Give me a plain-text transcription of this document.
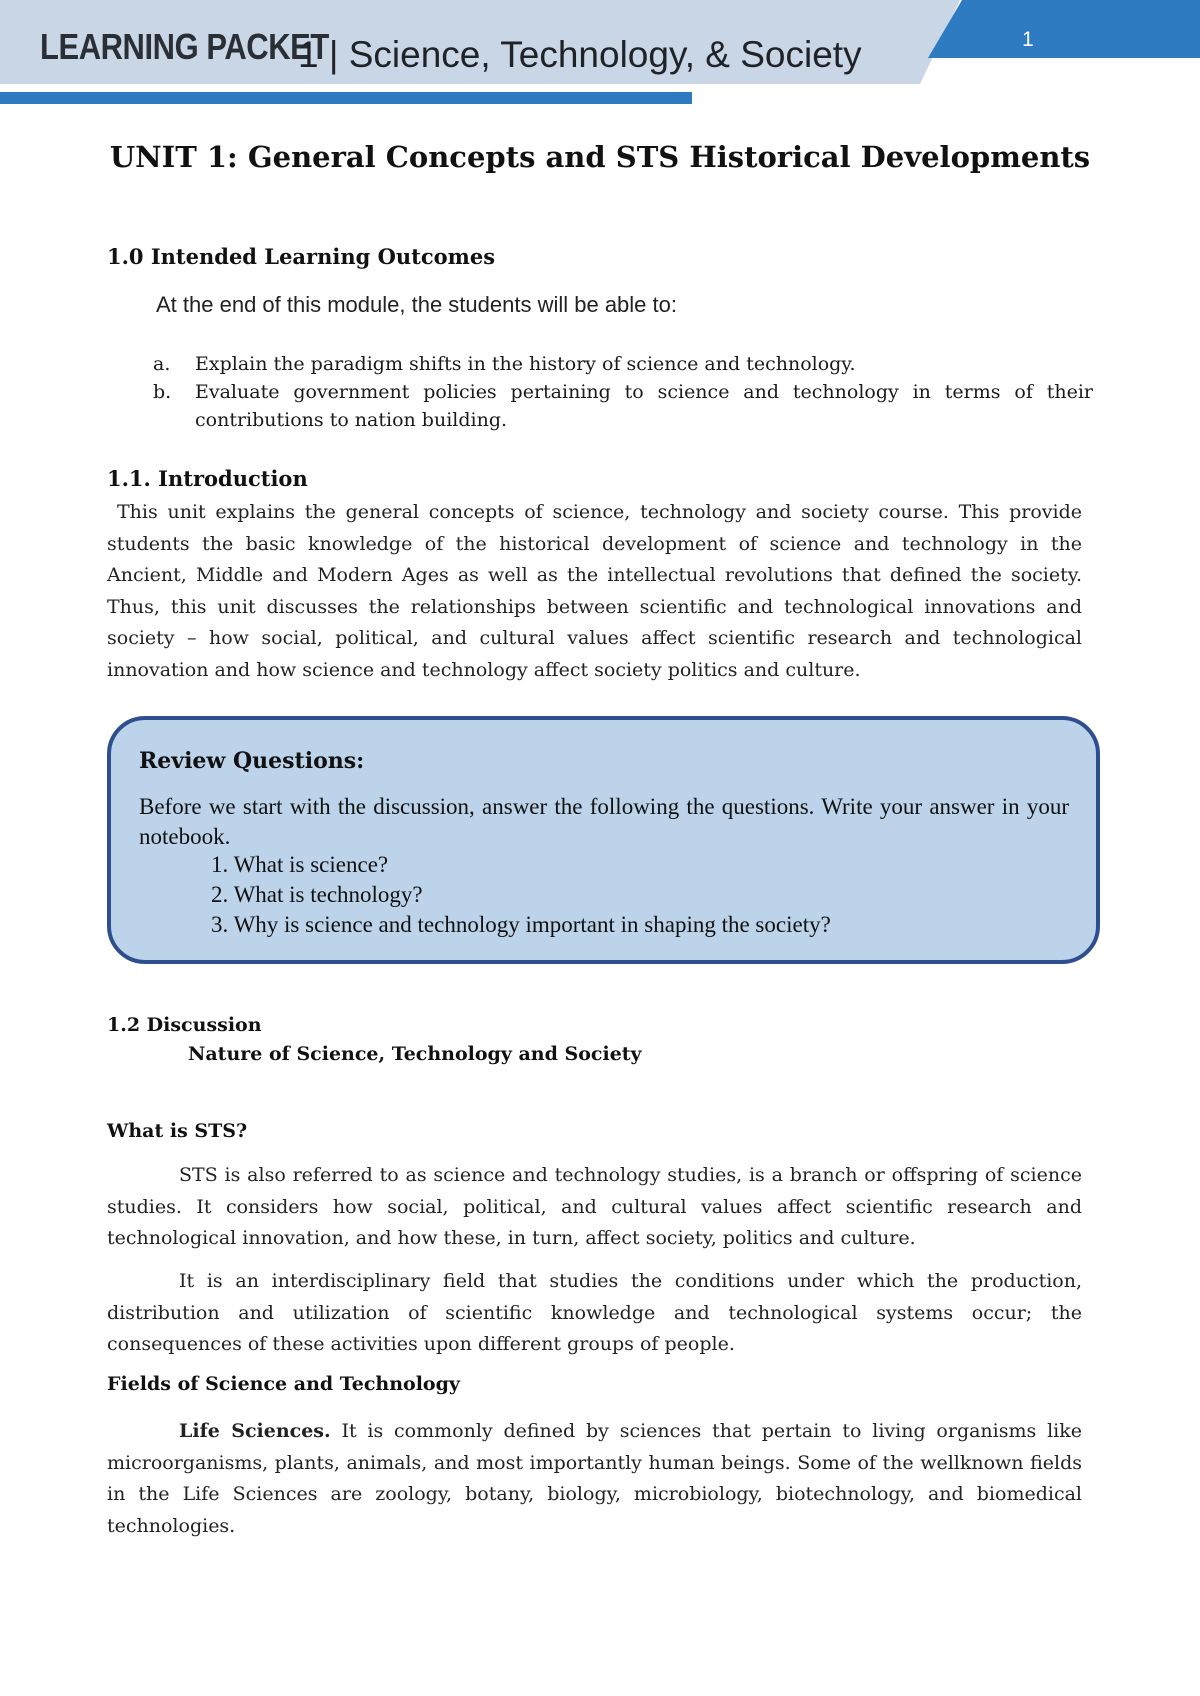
LEARNING PACKET
1 | Science, Technology, & Society	1
UNIT 1: General Concepts and STS Historical Developments
1.0 Intended Learning Outcomes
At the end of this module, the students will be able to:
a. Explain the paradigm shifts in the history of science and technology.
b. Evaluate government policies pertaining to science and technology in terms of their contributions to nation building.
1.1. Introduction

This unit explains the general concepts of science, technology and society course. This provide students the basic knowledge of the historical development of science and technology in the Ancient, Middle and Modern Ages as well as the intellectual revolutions that defined the society. Thus, this unit discusses the relationships between scientific and technological innovations and society – how social, political, and cultural values affect scientific research and technological innovation and how science and technology affect society politics and culture.

Review Questions:
Before we start with the discussion, answer the following the questions. Write your answer in your notebook.
1. What is science?
2. What is technology?
3. Why is science and technology important in shaping the society?
1.2 Discussion
Nature of Science, Technology and Society
What is STS?

STS is also referred to as science and technology studies, is a branch or offspring of science studies. It considers how social, political, and cultural values affect scientific research and technological innovation, and how these, in turn, affect society, politics and culture.

It is an interdisciplinary field that studies the conditions under which the production, distribution and utilization of scientific knowledge and technological systems occur; the consequences of these activities upon different groups of people.

Fields of Science and Technology

Life Sciences. It is commonly defined by sciences that pertain to living organisms like microorganisms, plants, animals, and most importantly human beings. Some of the wellknown fields in the Life Sciences are zoology, botany, biology, microbiology, biotechnology, and biomedical technologies.
